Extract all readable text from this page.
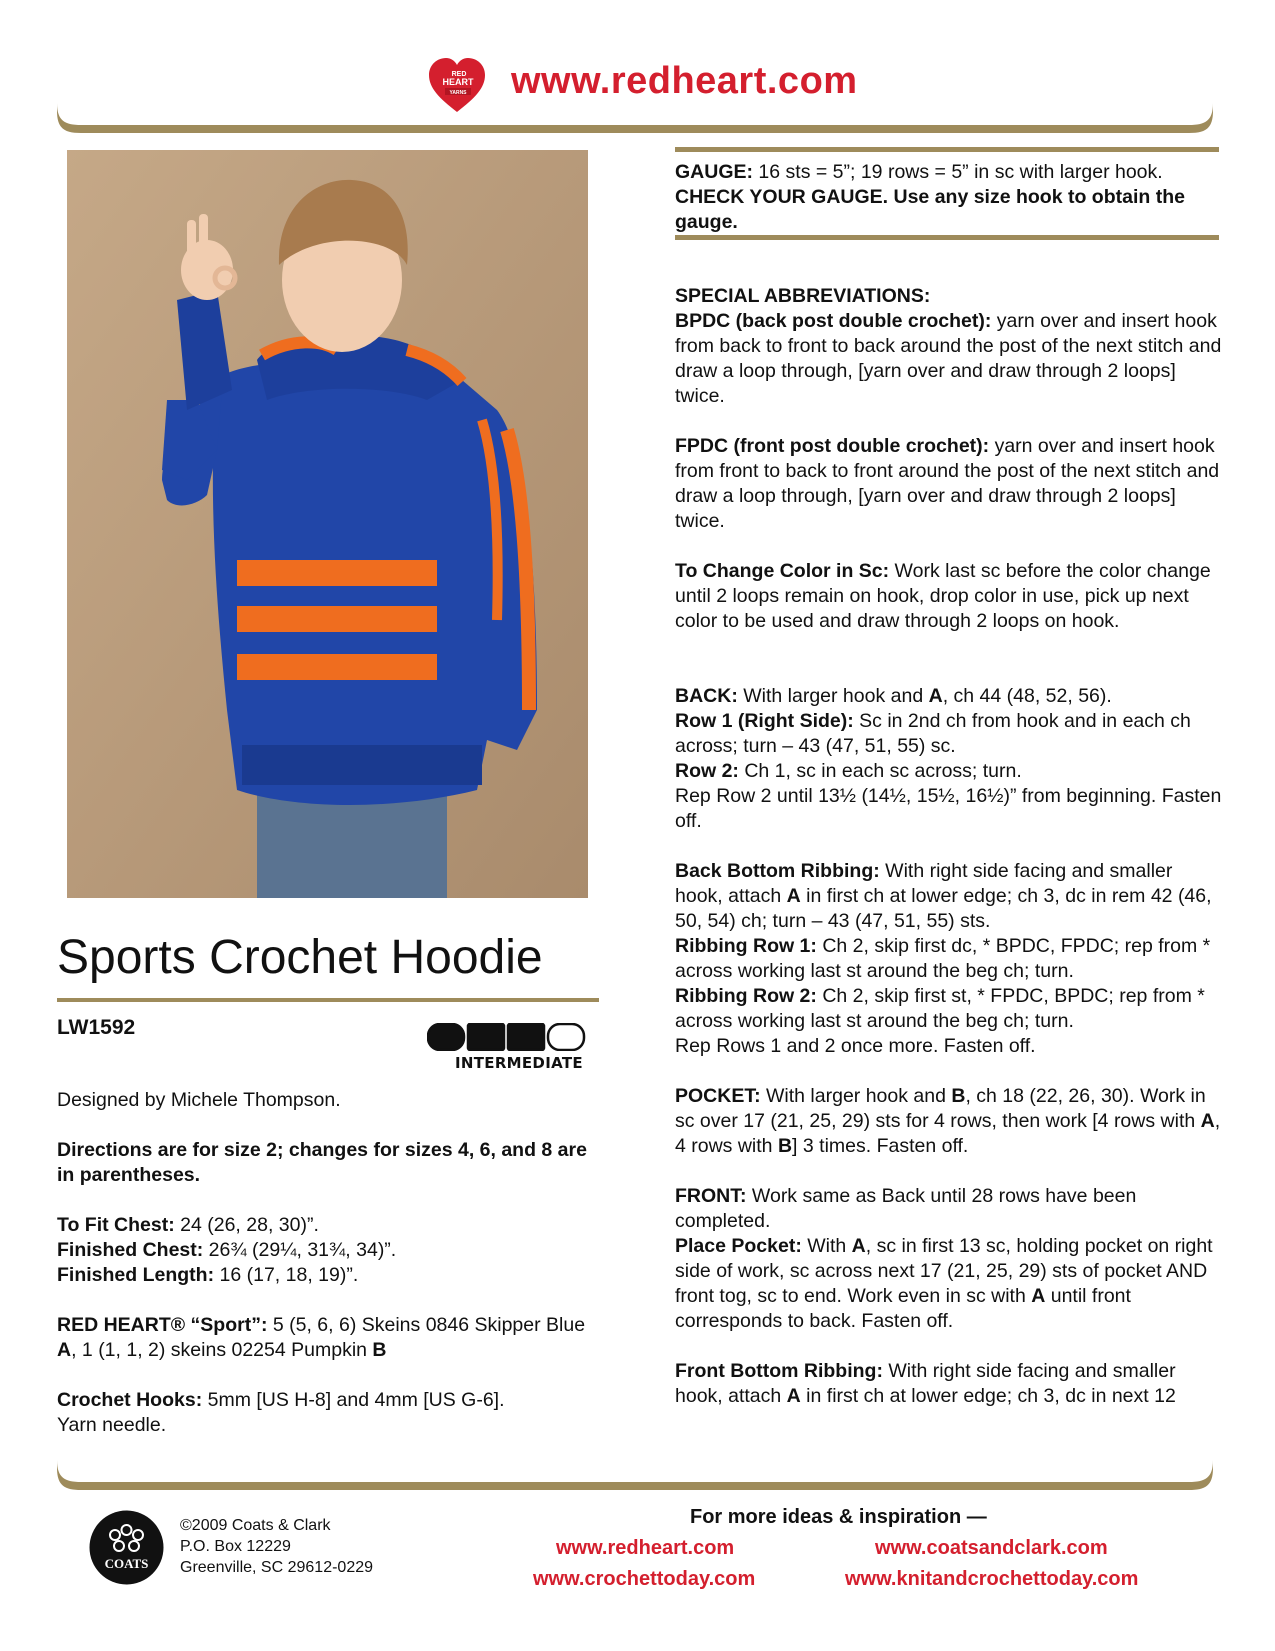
RED
HEART
YARNS www.redheart.com
Sports Crochet Hoodie
LW1592
INTERMEDIATE

Designed by Michele Thompson.

Directions are for size 2; changes for sizes 4, 6, and 8 are in parentheses.

To Fit Chest: 24 (26, 28, 30)”.
Finished Chest: 26¾ (29¼, 31¾, 34)”.
Finished Length: 16 (17, 18, 19)”.

RED HEART® “Sport”: 5 (5, 6, 6) Skeins 0846 Skipper Blue A, 1 (1, 1, 2) skeins 02254 Pumpkin B

Crochet Hooks: 5mm [US H-8] and 4mm [US G-6].
Yarn needle.

GAUGE: 16 sts = 5”; 19 rows = 5” in sc with larger hook.
CHECK YOUR GAUGE. Use any size hook to obtain the gauge.

SPECIAL ABBREVIATIONS:
BPDC (back post double crochet): yarn over and insert hook from back to front to back around the post of the next stitch and draw a loop through, [yarn over and draw through 2 loops] twice.

FPDC (front post double crochet): yarn over and insert hook from front to back to front around the post of the next stitch and draw a loop through, [yarn over and draw through 2 loops] twice.

To Change Color in Sc: Work last sc before the color change until 2 loops remain on hook, drop color in use, pick up next color to be used and draw through 2 loops on hook.

BACK: With larger hook and A, ch 44 (48, 52, 56).
Row 1 (Right Side): Sc in 2nd ch from hook and in each ch across; turn – 43 (47, 51, 55) sc.
Row 2: Ch 1, sc in each sc across; turn.
Rep Row 2 until 13½ (14½, 15½, 16½)” from beginning. Fasten off.

Back Bottom Ribbing: With right side facing and smaller hook, attach A in first ch at lower edge; ch 3, dc in rem 42 (46, 50, 54) ch; turn – 43 (47, 51, 55) sts.
Ribbing Row 1: Ch 2, skip first dc, * BPDC, FPDC; rep from * across working last st around the beg ch; turn.
Ribbing Row 2: Ch 2, skip first st, * FPDC, BPDC; rep from * across working last st around the beg ch; turn.
Rep Rows 1 and 2 once more. Fasten off.

POCKET: With larger hook and B, ch 18 (22, 26, 30). Work in sc over 17 (21, 25, 29) sts for 4 rows, then work [4 rows with A, 4 rows with B] 3 times. Fasten off.

FRONT: Work same as Back until 28 rows have been completed.
Place Pocket: With A, sc in first 13 sc, holding pocket on right side of work, sc across next 17 (21, 25, 29) sts of pocket AND front tog, sc to end. Work even in sc with A until front corresponds to back. Fasten off.

Front Bottom Ribbing: With right side facing and smaller hook, attach A in first ch at lower edge; ch 3, dc in next 12

COATS
©2009 Coats & Clark
P.O. Box 12229
Greenville, SC 29612-0229
For more ideas & inspiration —
www.redheart.com	www.coatsandclark.com
www.crochettoday.com	www.knitandcrochettoday.com
